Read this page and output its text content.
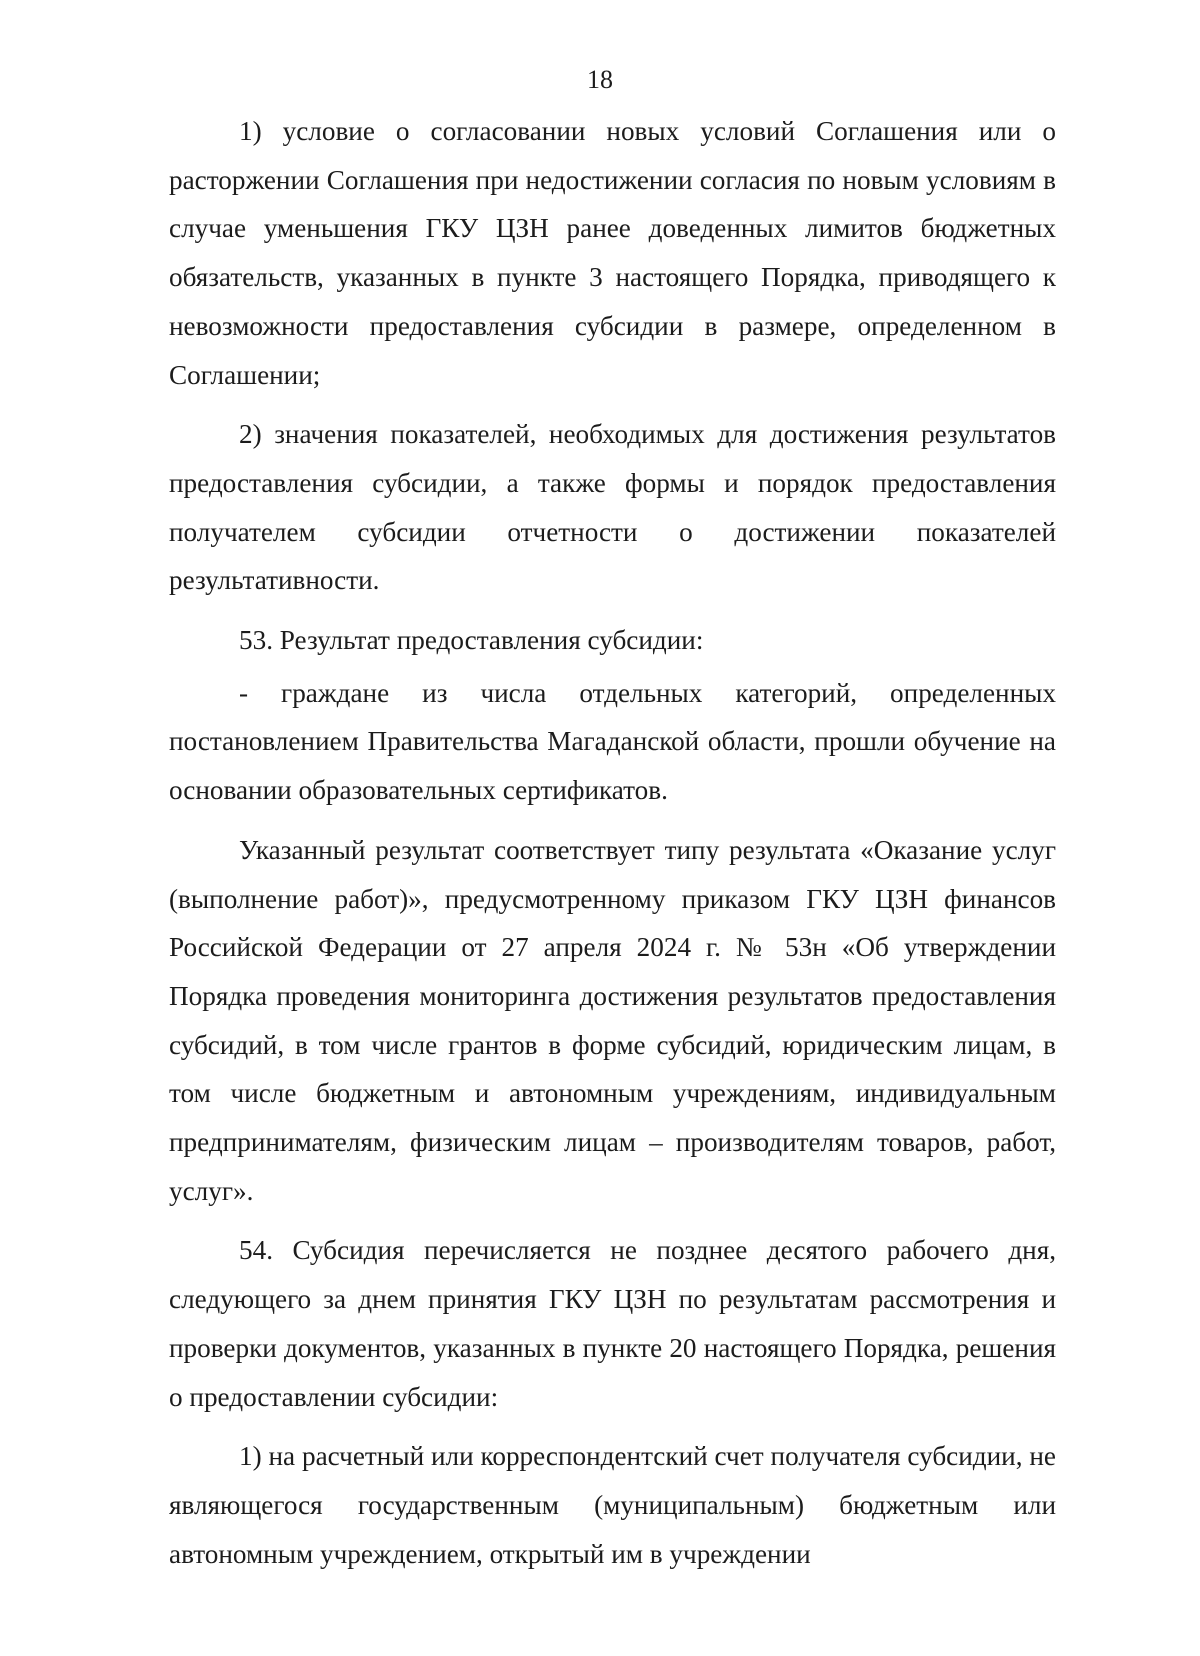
18

1) условие о согласовании новых условий Соглашения или о расторжении Соглашения при недостижении согласия по новым условиям в случае уменьшения ГКУ ЦЗН ранее доведенных лимитов бюджетных обязательств, указанных в пункте 3 настоящего Порядка, приводящего к невозможности предоставления субсидии в размере, определенном в Соглашении;

2) значения показателей, необходимых для достижения результатов предоставления субсидии, а также формы и порядок предоставления получателем субсидии отчетности о достижении показателей результативности.

53. Результат предоставления субсидии:

- граждане из числа отдельных категорий, определенных постановлением Правительства Магаданской области, прошли обучение на основании образовательных сертификатов.

Указанный результат соответствует типу результата «Оказание услуг (выполнение работ)», предусмотренному приказом ГКУ ЦЗН финансов Российской Федерации от 27 апреля 2024 г. № 53н «Об утверждении Порядка проведения мониторинга достижения результатов предоставления субсидий, в том числе грантов в форме субсидий, юридическим лицам, в том числе бюджетным и автономным учреждениям, индивидуальным предпринимателям, физическим лицам – производителям товаров, работ, услуг».

54. Субсидия перечисляется не позднее десятого рабочего дня, следующего за днем принятия ГКУ ЦЗН по результатам рассмотрения и проверки документов, указанных в пункте 20 настоящего Порядка, решения о предоставлении субсидии:

1) на расчетный или корреспондентский счет получателя субсидии, не являющегося государственным (муниципальным) бюджетным или автономным учреждением, открытый им в учреждении
